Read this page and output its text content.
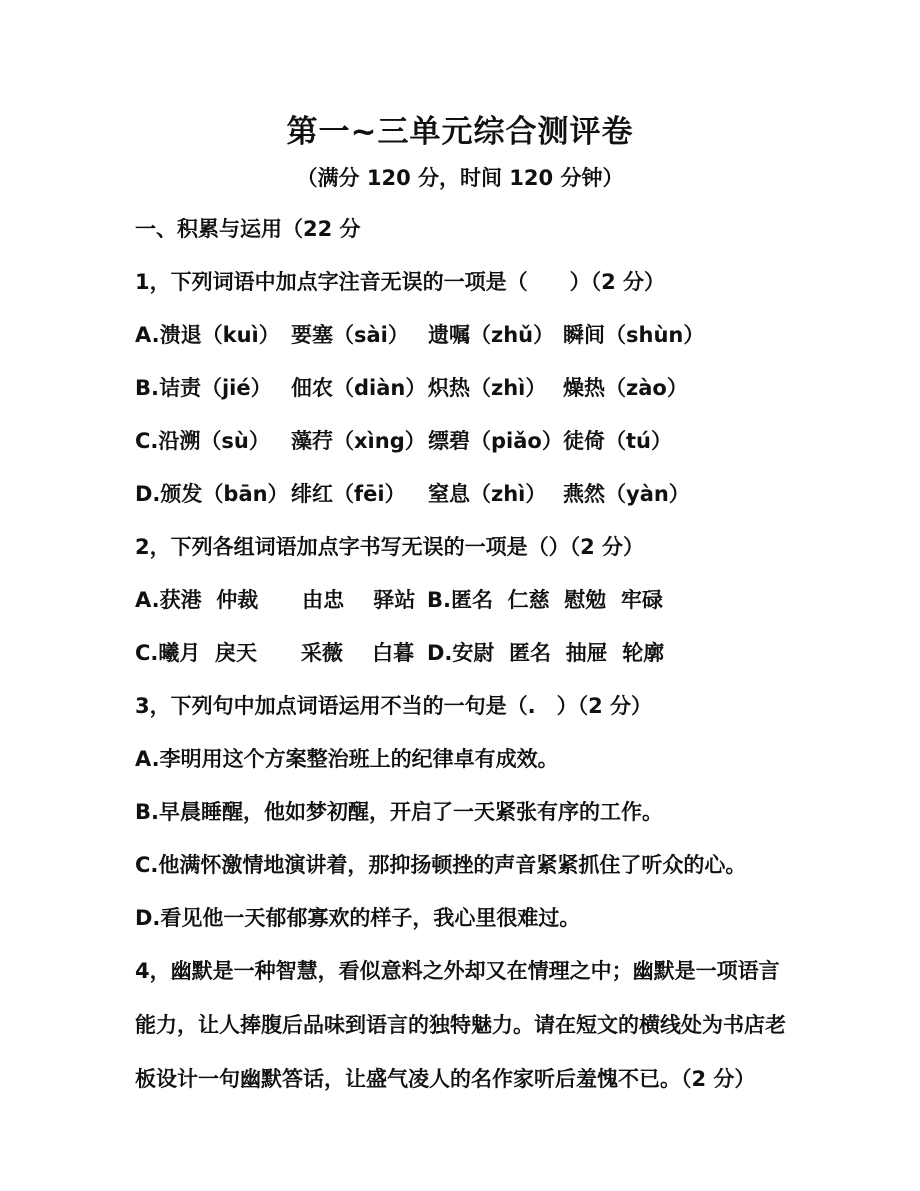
第一~三单元综合测评卷
（满分 120 分，时间 120 分钟）
一、积累与运用（22 分
1，下列词语中加点字注音无误的一项是（　　）（2 分）
A.溃退（kuì） 要塞（sài） 遗嘱（zhǔ） 瞬间（shùn）
B.诘责（jié） 佃农（diàn） 炽热（zhì） 燥热（zào）
C.沿溯（sù）	藻荇（xìng） 缥碧（piǎo） 徒倚（tú）
D.颁发（bān） 绯红（fēi）	窒息（zhì） 燕然（yàn）
2，下列各组词语加点字书写无误的一项是（）（2 分）
A.获港  仲裁      由忠    驿站 B.匿名  仁慈  慰勉  牢碌
C.曦月  戾天      采薇    白暮 D.安尉  匿名  抽屉  轮廓
3，下列句中加点词语运用不当的一句是（.　）（2 分）
A.李明用这个方案整治班上的纪律卓有成效。
B.早晨睡醒，他如梦初醒，开启了一天紧张有序的工作。
C.他满怀激情地演讲着，那抑扬顿挫的声音紧紧抓住了听众的心。
D.看见他一天郁郁寡欢的样子，我心里很难过。
4，幽默是一种智慧，看似意料之外却又在情理之中；幽默是一项语言
能力，让人捧腹后品味到语言的独特魅力。请在短文的横线处为书店老
板设计一句幽默答话，让盛气凌人的名作家听后羞愧不已。（2 分）
